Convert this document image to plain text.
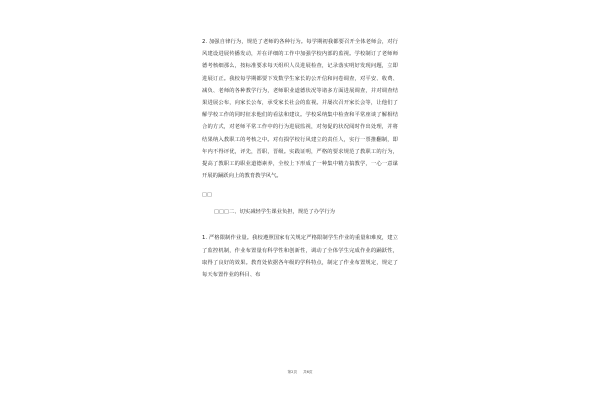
2. 加强自律行为，规范了老师的各种行为。每学期初我都要召开全体老师会，对行风建设进展传播发动，并在详细的工作中加强学校内部的监视。学校制订了老师师德考核细那么，按标准要求每天组织人员进展检查，记录落实明好发现问题，立即进展订正。我校每学期都要下发数学生家长的公开信和问卷调查，对平安、收费、减负、老师的各种教学行为，老师职业道德状况等诸多方面进展调查，并对调查结果进展公布，向家长公布，承受家长社会的监视。并屡次召开家长会等，让他们了解学校工作的同时征求他们的看法和建议。学校采纳集中检查和平常座谈了解相结合的方式，对老师平常工作中的行为进展监视，对匆促的状况阅时作出处理，并将结果纳入教职工的考核之中。对有损学校行风建立的责任人，实行一票推翻制，即年内不得评优，评先，晋职，晋级。实践证明，严格的要求规范了教职工的行为，提高了教职工的职业道德素养，全校上下形成了一种集中精力搞教学，一心一意谋开展的踊跃向上的教育教学风气。

□□

□□□二、切实减轻学生课业负担，规范了办学行为

1. 严格限制作业量。我校遵照国家有关规定严格限制学生作业的重量和难度，建立了监控机制，作业布置量有科学性和创新性，调动了全体学生完成作业的踊跃性，取得了良好的效果。教育处依据各年级的学科特点，制定了作业布置规定，规定了每天布置作业的科目、布

第2页 共6页
